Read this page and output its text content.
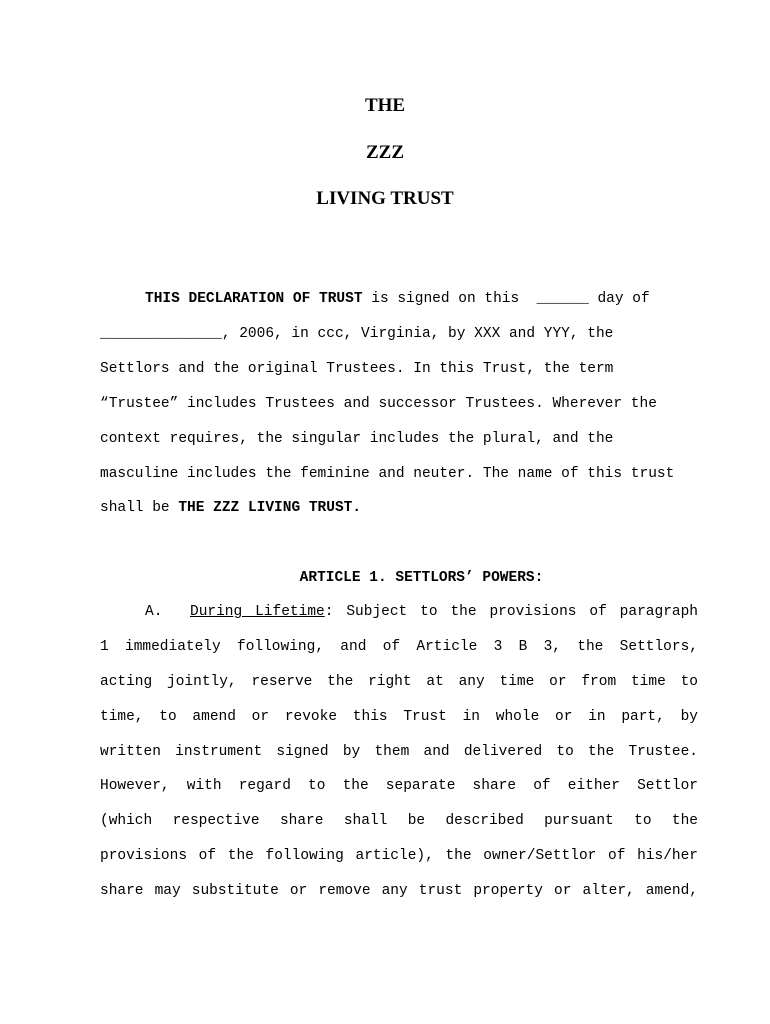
THE
ZZZ
LIVING TRUST

THIS DECLARATION OF TRUST is signed on this  ______ day of

______________, 2006, in ccc, Virginia, by XXX and YYY, the

Settlors and the original Trustees. In this Trust, the term

“Trustee” includes Trustees and successor Trustees. Wherever the

context requires, the singular includes the plural, and the

masculine includes the feminine and neuter. The name of this trust

shall be THE ZZZ LIVING TRUST.

ARTICLE 1. SETTLORS’ POWERS:

A. During Lifetime: Subject to the provisions of paragraph

1 immediately following, and of Article 3 B 3, the Settlors,

acting jointly, reserve the right at any time or from time to

time, to amend or revoke this Trust in whole or in part, by

written instrument signed by them and delivered to the Trustee.

However, with regard to the separate share of either Settlor

(which respective share shall be described pursuant to the

provisions of the following article), the owner/Settlor of his/her

share may substitute or remove any trust property or alter, amend,
